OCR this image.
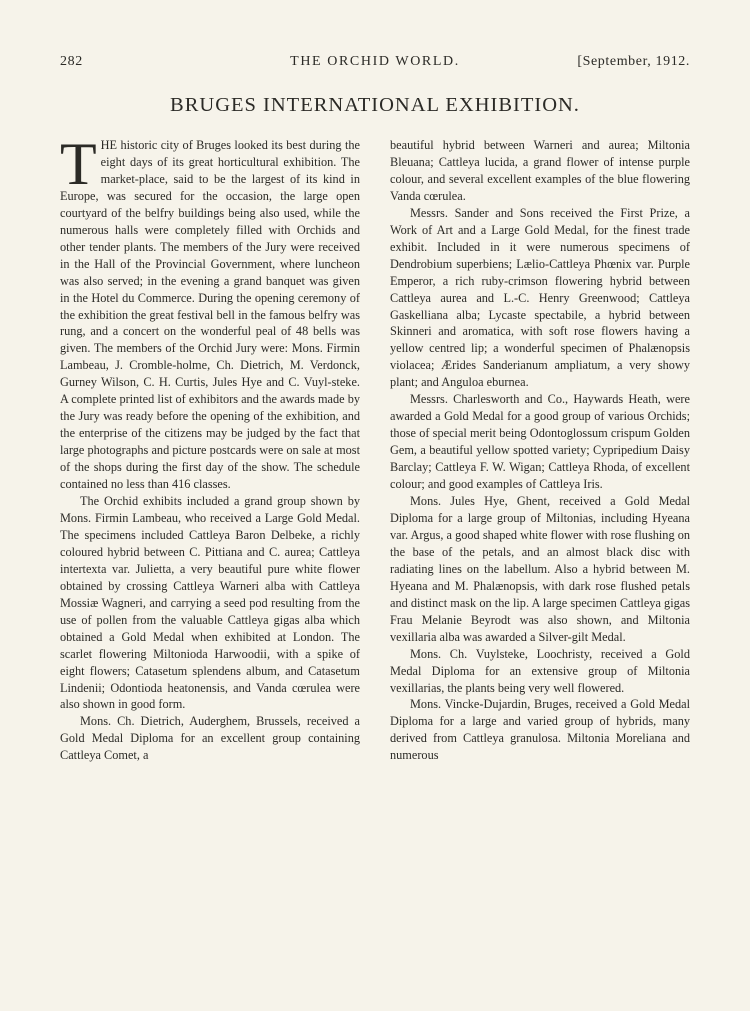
282	THE ORCHID WORLD.	[September, 1912.
BRUGES INTERNATIONAL EXHIBITION.

THE historic city of Bruges looked its best during the eight days of its great horticultural exhibition. The market-place, said to be the largest of its kind in Europe, was secured for the occasion, the large open courtyard of the belfry buildings being also used, while the numerous halls were completely filled with Orchids and other tender plants. The members of the Jury were received in the Hall of the Provincial Government, where luncheon was also served; in the evening a grand banquet was given in the Hotel du Commerce. During the opening ceremony of the exhibition the great festival bell in the famous belfry was rung, and a concert on the wonderful peal of 48 bells was given. The members of the Orchid Jury were: Mons. Firmin Lambeau, J. Cromble-holme, Ch. Dietrich, M. Verdonck, Gurney Wilson, C. H. Curtis, Jules Hye and C. Vuyl-steke. A complete printed list of exhibitors and the awards made by the Jury was ready before the opening of the exhibition, and the enterprise of the citizens may be judged by the fact that large photographs and picture postcards were on sale at most of the shops during the first day of the show. The schedule contained no less than 416 classes.

The Orchid exhibits included a grand group shown by Mons. Firmin Lambeau, who received a Large Gold Medal. The specimens included Cattleya Baron Delbeke, a richly coloured hybrid between C. Pittiana and C. aurea; Cattleya intertexta var. Julietta, a very beautiful pure white flower obtained by crossing Cattleya Warneri alba with Cattleya Mossiæ Wagneri, and carrying a seed pod resulting from the use of pollen from the valuable Cattleya gigas alba which obtained a Gold Medal when exhibited at London. The scarlet flowering Miltonioda Harwoodii, with a spike of eight flowers; Catasetum splendens album, and Catasetum Lindenii; Odontioda heatonensis, and Vanda cœrulea were also shown in good form.

Mons. Ch. Dietrich, Auderghem, Brussels, received a Gold Medal Diploma for an excellent group containing Cattleya Comet, a

beautiful hybrid between Warneri and aurea; Miltonia Bleuana; Cattleya lucida, a grand flower of intense purple colour, and several excellent examples of the blue flowering Vanda cœrulea.

Messrs. Sander and Sons received the First Prize, a Work of Art and a Large Gold Medal, for the finest trade exhibit. Included in it were numerous specimens of Dendrobium superbiens; Lælio-Cattleya Phœnix var. Purple Emperor, a rich ruby-crimson flowering hybrid between Cattleya aurea and L.-C. Henry Greenwood; Cattleya Gaskelliana alba; Lycaste spectabile, a hybrid between Skinneri and aromatica, with soft rose flowers having a yellow centred lip; a wonderful specimen of Phalænopsis violacea; Ærides Sanderianum ampliatum, a very showy plant; and Anguloa eburnea.

Messrs. Charlesworth and Co., Haywards Heath, were awarded a Gold Medal for a good group of various Orchids; those of special merit being Odontoglossum crispum Golden Gem, a beautiful yellow spotted variety; Cypripedium Daisy Barclay; Cattleya F. W. Wigan; Cattleya Rhoda, of excellent colour; and good examples of Cattleya Iris.

Mons. Jules Hye, Ghent, received a Gold Medal Diploma for a large group of Miltonias, including Hyeana var. Argus, a good shaped white flower with rose flushing on the base of the petals, and an almost black disc with radiating lines on the labellum. Also a hybrid between M. Hyeana and M. Phalænopsis, with dark rose flushed petals and distinct mask on the lip. A large specimen Cattleya gigas Frau Melanie Beyrodt was also shown, and Miltonia vexillaria alba was awarded a Silver-gilt Medal.

Mons. Ch. Vuylsteke, Loochristy, received a Gold Medal Diploma for an extensive group of Miltonia vexillarias, the plants being very well flowered.

Mons. Vincke-Dujardin, Bruges, received a Gold Medal Diploma for a large and varied group of hybrids, many derived from Cattleya granulosa. Miltonia Moreliana and numerous
